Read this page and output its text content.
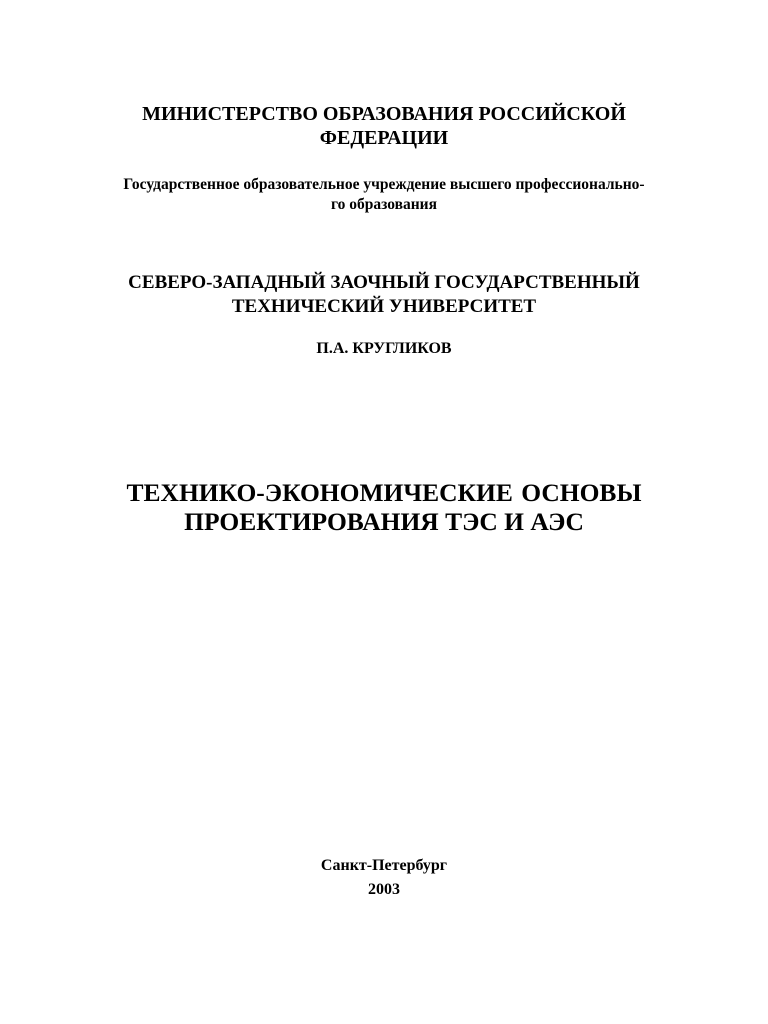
МИНИСТЕРСТВО ОБРАЗОВАНИЯ РОССИЙСКОЙ
ФЕДЕРАЦИИ
Государственное образовательное учреждение высшего профессионально-
го образования
СЕВЕРО-ЗАПАДНЫЙ ЗАОЧНЫЙ ГОСУДАРСТВЕННЫЙ
ТЕХНИЧЕСКИЙ УНИВЕРСИТЕТ
П.А. КРУГЛИКОВ
ТЕХНИКО-ЭКОНОМИЧЕСКИЕ ОСНОВЫ
ПРОЕКТИРОВАНИЯ ТЭС И АЭС
Санкт-Петербург
2003
